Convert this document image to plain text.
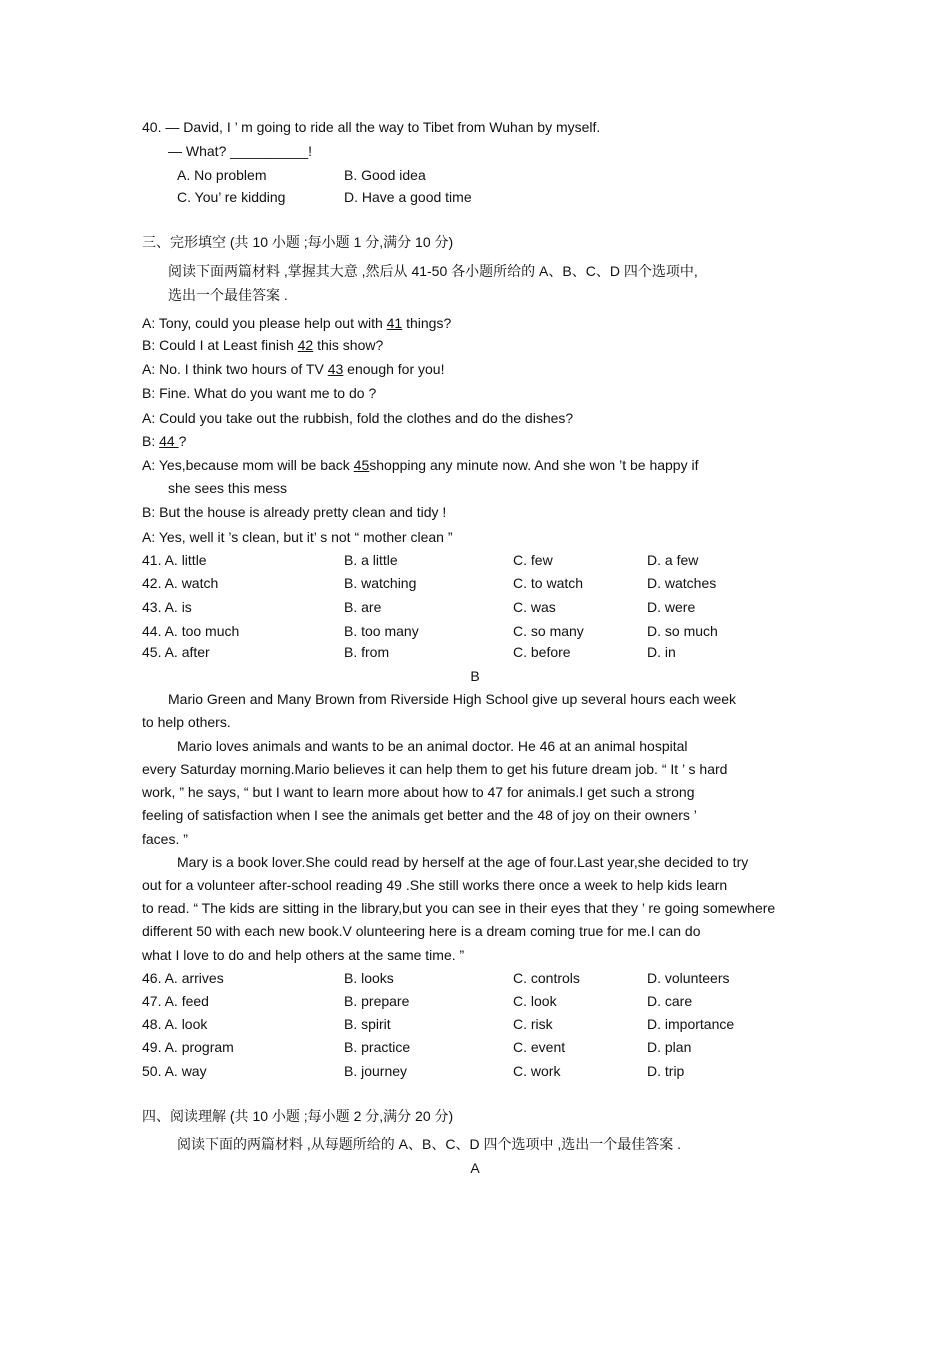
40. — David, I ’ m going to ride all the way to Tibet from Wuhan by myself.
— What? __________!
A. No problem	B. Good idea
C. You’ re kidding	D. Have a good time
三、完形填空 (共 10 小题 ;每小题 1 分,满分 10 分)
阅读下面两篇材料 ,掌握其大意 ,然后从 41-50 各小题所给的 A、B、C、D 四个选项中,
选出一个最佳答案 .
A: Tony, could you please help out with 41 things?
B: Could I at Least finish 42 this show?
A: No. I think two hours of TV 43 enough for you!
B: Fine. What do you want me to do ?
A: Could you take out the rubbish, fold the clothes and do the dishes?
B: 44 ?
A: Yes,because mom will be back 45shopping any minute now. And she won ’t be happy if
she sees this mess
B: But the house is already pretty clean and tidy !
A: Yes, well it ’s clean, but it’ s not “ mother clean ”
41. A. little	B. a little	C. few	D. a few
42. A. watch	B. watching	C. to watch	D. watches
43. A. is	B. are	C. was	D. were
44. A. too much	B. too many	C. so many	D. so much
45. A. after	B. from	C. before	D. in
B
Mario Green and Many Brown from Riverside High School give up several hours each week
to help others.
Mario loves animals and wants to be an animal doctor. He 46 at an animal hospital
every Saturday morning.Mario believes it can help them to get his future dream job. “ It ’ s hard
work, ” he says, “ but I want to learn more about how to 47 for animals.I get such a strong
feeling of satisfaction when I see the animals get better and the 48 of joy on their owners ’
faces. ”
Mary is a book lover.She could read by herself at the age of four.Last year,she decided to try
out for a volunteer after-school reading 49 .She still works there once a week to help kids learn
to read. “ The kids are sitting in the library,but you can see in their eyes that they ’ re going somewhere
different 50 with each new book.V olunteering here is a dream coming true for me.I can do
what I love to do and help others at the same time. ”
46. A. arrives	B. looks	C. controls	D. volunteers
47. A. feed	B. prepare	C. look	D. care
48. A. look	B. spirit	C. risk	D. importance
49. A. program	B. practice	C. event	D. plan
50. A. way	B. journey	C. work	D. trip
四、阅读理解 (共 10 小题 ;每小题 2 分,满分 20 分)
阅读下面的两篇材料 ,从每题所给的 A、B、C、D 四个选项中 ,选出一个最佳答案 .
A
